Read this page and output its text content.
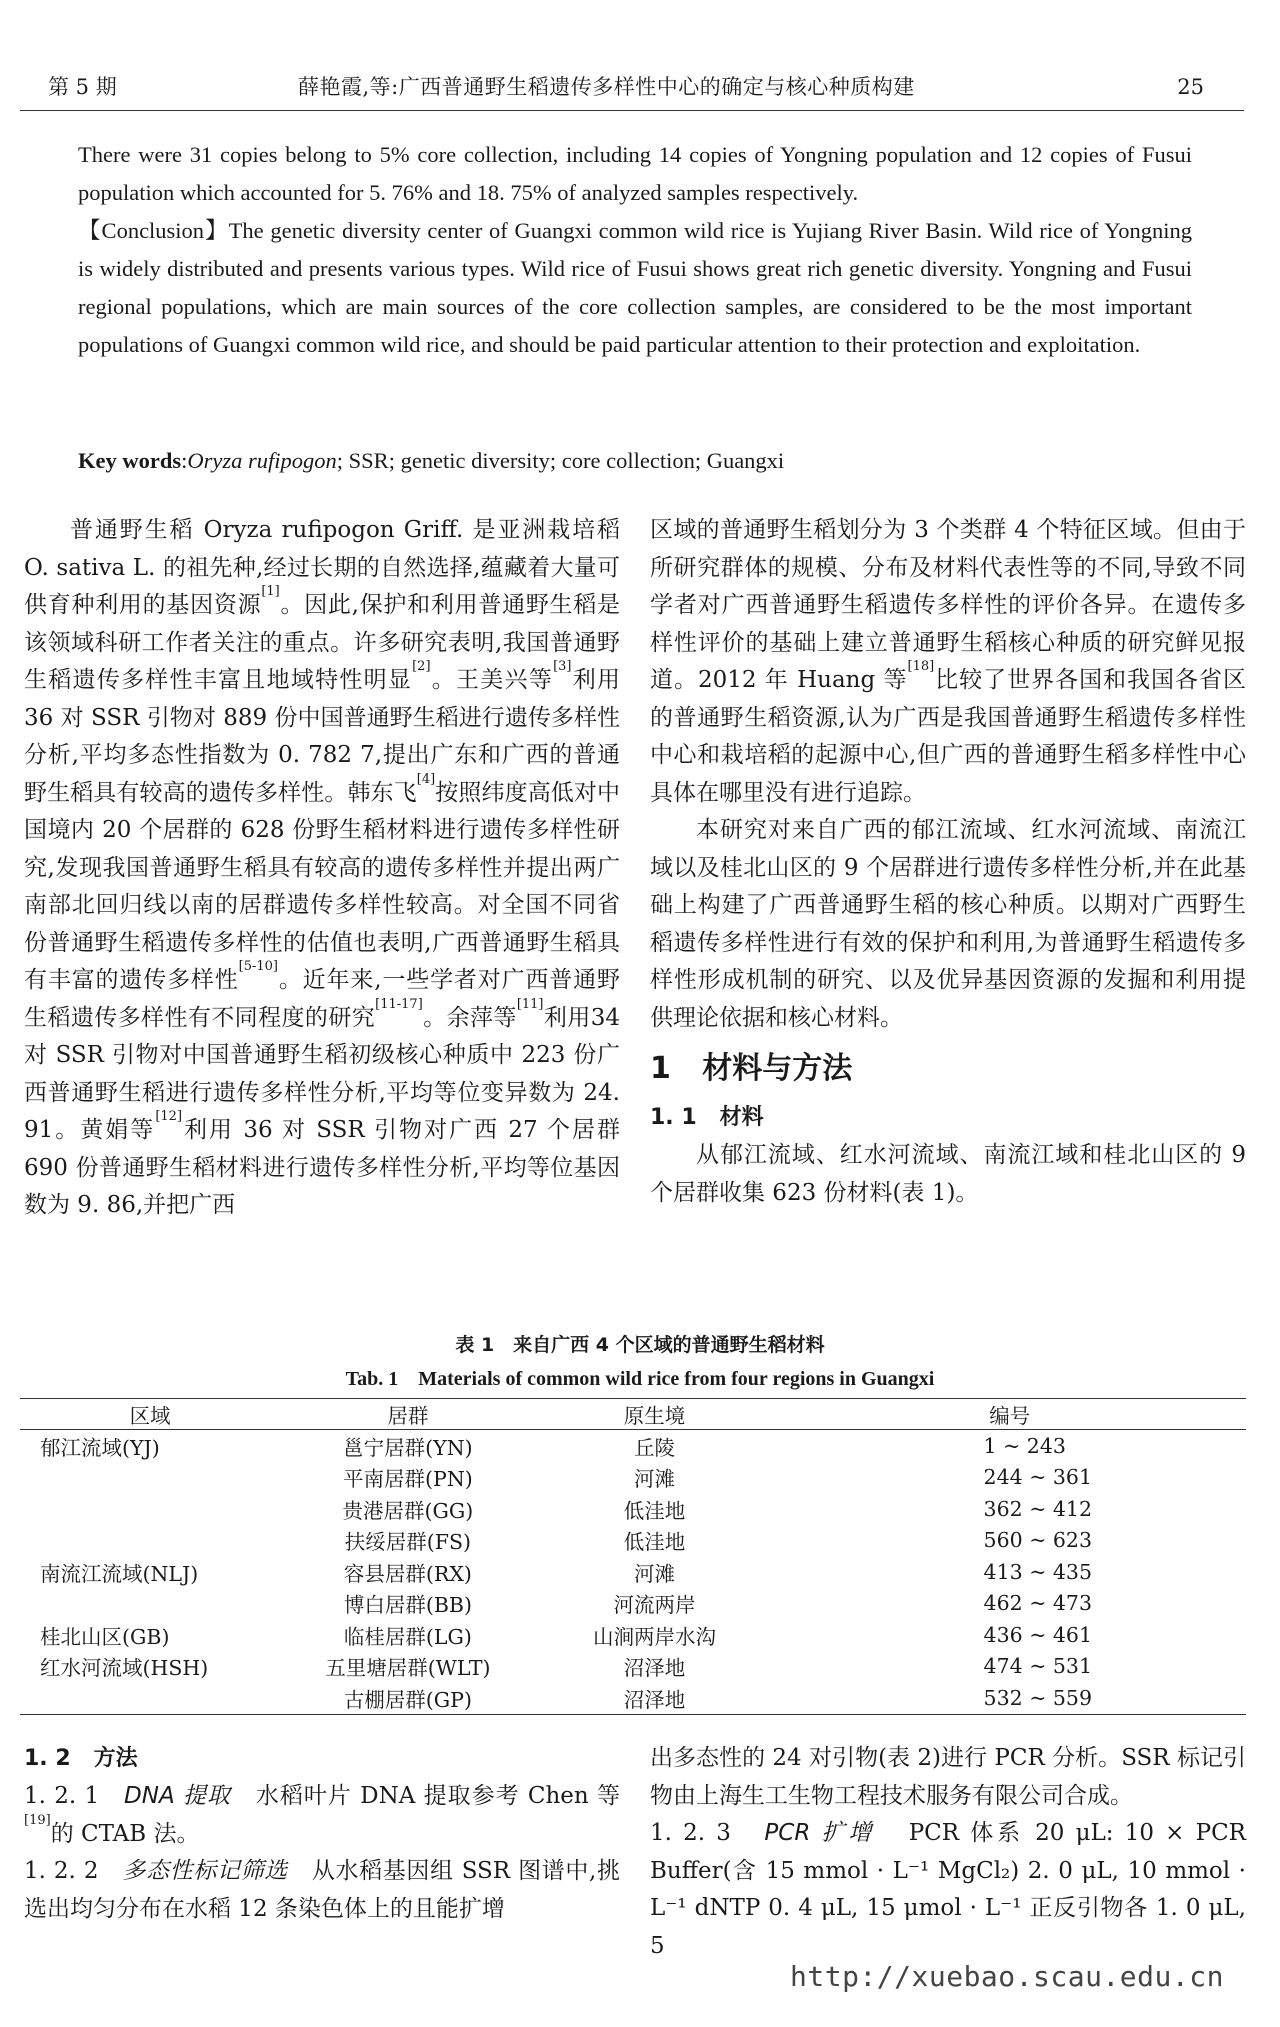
第 5 期	薛艳霞,等:广西普通野生稻遗传多样性中心的确定与核心种质构建	25

There were 31 copies belong to 5% core collection, including 14 copies of Yongning population and 12 copies of Fusui population which accounted for 5. 76% and 18. 75% of analyzed samples respectively.

【Conclusion】The genetic diversity center of Guangxi common wild rice is Yujiang River Basin. Wild rice of Yongning is widely distributed and presents various types. Wild rice of Fusui shows great rich genetic diversity. Yongning and Fusui regional populations, which are main sources of the core collection samples, are considered to be the most important populations of Guangxi common wild rice, and should be paid particular attention to their protection and exploitation.

Key words:Oryza rufipogon; SSR; genetic diversity; core collection; Guangxi

普通野生稻 Oryza rufipogon Griff. 是亚洲栽培稻 O. sativa L. 的祖先种,经过长期的自然选择,蕴藏着大量可供育种利用的基因资源[1]。因此,保护和利用普通野生稻是该领域科研工作者关注的重点。许多研究表明,我国普通野生稻遗传多样性丰富且地域特性明显[2]。王美兴等[3]利用 36 对 SSR 引物对 889 份中国普通野生稻进行遗传多样性分析,平均多态性指数为 0. 782 7,提出广东和广西的普通野生稻具有较高的遗传多样性。韩东飞[4]按照纬度高低对中国境内 20 个居群的 628 份野生稻材料进行遗传多样性研究,发现我国普通野生稻具有较高的遗传多样性并提出两广南部北回归线以南的居群遗传多样性较高。对全国不同省份普通野生稻遗传多样性的估值也表明,广西普通野生稻具有丰富的遗传多样性[5-10]。近年来,一些学者对广西普通野生稻遗传多样性有不同程度的研究[11-17]。余萍等[11]利用34 对 SSR 引物对中国普通野生稻初级核心种质中 223 份广西普通野生稻进行遗传多样性分析,平均等位变异数为 24. 91。黄娟等[12]利用 36 对 SSR 引物对广西 27 个居群 690 份普通野生稻材料进行遗传多样性分析,平均等位基因数为 9. 86,并把广西

区域的普通野生稻划分为 3 个类群 4 个特征区域。但由于所研究群体的规模、分布及材料代表性等的不同,导致不同学者对广西普通野生稻遗传多样性的评价各异。在遗传多样性评价的基础上建立普通野生稻核心种质的研究鲜见报道。2012 年 Huang 等[18]比较了世界各国和我国各省区的普通野生稻资源,认为广西是我国普通野生稻遗传多样性中心和栽培稻的起源中心,但广西的普通野生稻多样性中心具体在哪里没有进行追踪。

本研究对来自广西的郁江流域、红水河流域、南流江域以及桂北山区的 9 个居群进行遗传多样性分析,并在此基础上构建了广西普通野生稻的核心种质。以期对广西野生稻遗传多样性进行有效的保护和利用,为普通野生稻遗传多样性形成机制的研究、以及优异基因资源的发掘和利用提供理论依据和核心材料。

1 材料与方法
1. 1 材料

从郁江流域、红水河流域、南流江域和桂北山区的 9 个居群收集 623 份材料(表 1)。

表 1　来自广西 4 个区域的普通野生稻材料
Tab. 1　Materials of common wild rice from four regions in Guangxi
区域	居群	原生境	编号
郁江流域(YJ)	邕宁居群(YN)	丘陵	1 ~ 243
	平南居群(PN)	河滩	244 ~ 361
	贵港居群(GG)	低洼地	362 ~ 412
	扶绥居群(FS)	低洼地	560 ~ 623
南流江流域(NLJ)	容县居群(RX)	河滩	413 ~ 435
	博白居群(BB)	河流两岸	462 ~ 473
桂北山区(GB)	临桂居群(LG)	山涧两岸水沟	436 ~ 461
红水河流域(HSH)	五里塘居群(WLT)	沼泽地	474 ~ 531
	古棚居群(GP)	沼泽地	532 ~ 559
1. 2 方法

1. 2. 1 DNA 提取 水稻叶片 DNA 提取参考 Chen 等[19]的 CTAB 法。

1. 2. 2 多态性标记筛选 从水稻基因组 SSR 图谱中,挑选出均匀分布在水稻 12 条染色体上的且能扩增

出多态性的 24 对引物(表 2)进行 PCR 分析。SSR 标记引物由上海生工生物工程技术服务有限公司合成。

1. 2. 3 PCR 扩增 PCR 体系 20 μL: 10 × PCR Buffer(含 15 mmol · L⁻¹ MgCl₂) 2. 0 μL, 10 mmol · L⁻¹ dNTP 0. 4 μL, 15 μmol · L⁻¹ 正反引物各 1. 0 μL, 5

http://xuebao.scau.edu.cn
